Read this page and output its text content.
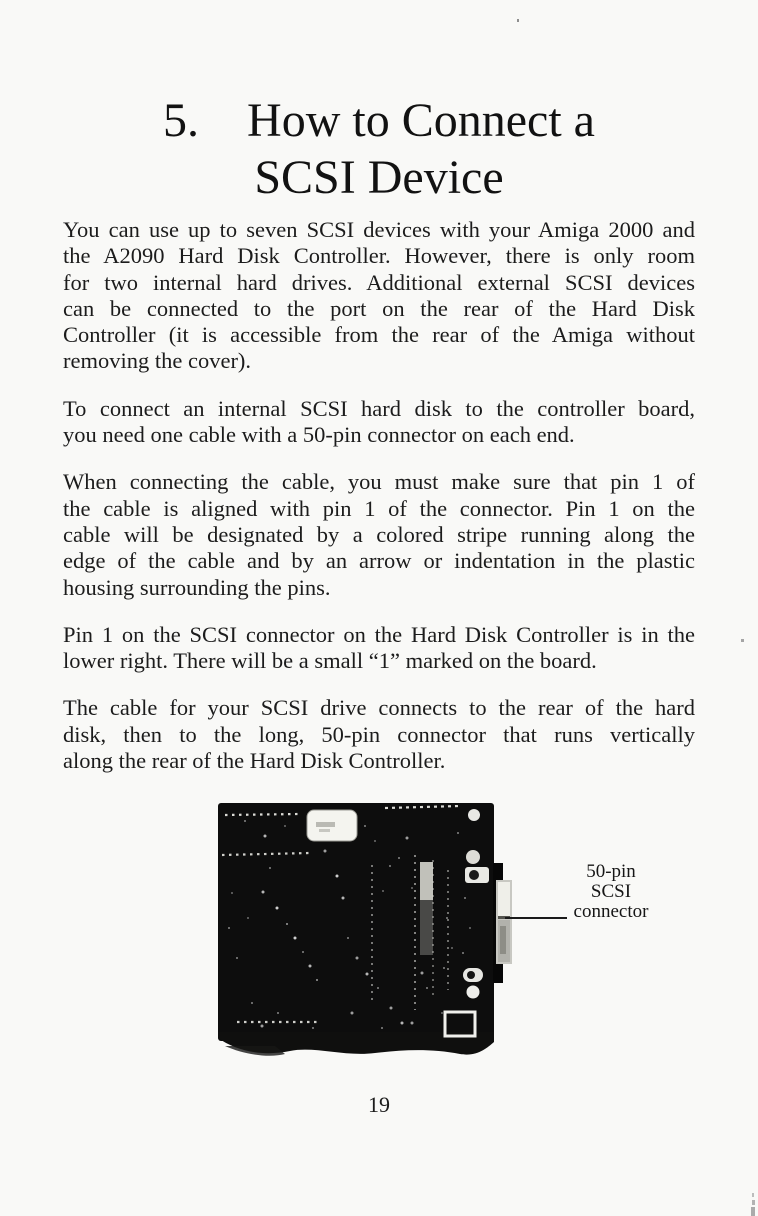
5. How to Connect a
SCSI Device
You can use up to seven SCSI devices with your Amiga 2000 and
the A2090 Hard Disk Controller. However, there is only room
for two internal hard drives. Additional external SCSI devices
can be connected to the port on the rear of the Hard Disk
Controller (it is accessible from the rear of the Amiga without
removing the cover).
To connect an internal SCSI hard disk to the controller board,
you need one cable with a 50-pin connector on each end.
When connecting the cable, you must make sure that pin 1 of
the cable is aligned with pin 1 of the connector. Pin 1 on the
cable will be designated by a colored stripe running along the
edge of the cable and by an arrow or indentation in the plastic
housing surrounding the pins.
Pin 1 on the SCSI connector on the Hard Disk Controller is in the
lower right. There will be a small “1” marked on the board.
The cable for your SCSI drive connects to the rear of the hard
disk, then to the long, 50-pin connector that runs vertically
along the rear of the Hard Disk Controller.
50-pin
SCSI
connector
19
